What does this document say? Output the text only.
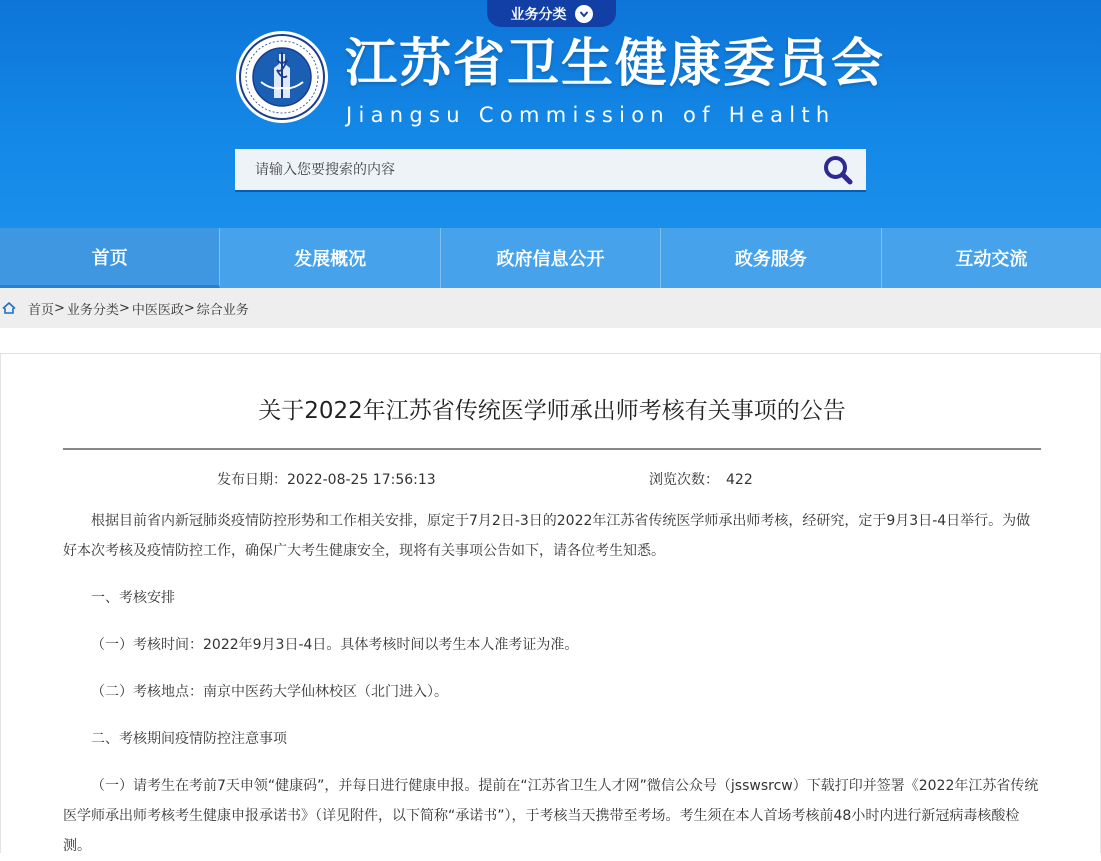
业务分类
江苏省卫生健康委员会
Jiangsu Commission of Health
请输入您要搜索的内容
首页	发展概况	政府信息公开	政务服务	互动交流
首页 > 业务分类 > 中医医政 > 综合业务
关于2022年江苏省传统医学师承出师考核有关事项的公告
发布日期：2022-08-25 17:56:13	浏览次数： 422

根据目前省内新冠肺炎疫情防控形势和工作相关安排，原定于7月2日-3日的2022年江苏省传统医学师承出师考核，经研究，定于9月3日-4日举行。为做好本次考核及疫情防控工作，确保广大考生健康安全，现将有关事项公告如下，请各位考生知悉。

一、考核安排

（一）考核时间：2022年9月3日-4日。具体考核时间以考生本人准考证为准。

（二）考核地点：南京中医药大学仙林校区（北门进入）。

二、考核期间疫情防控注意事项

（一）请考生在考前7天申领“健康码”，并每日进行健康申报。提前在“江苏省卫生人才网”微信公众号（jsswsrcw）下载打印并签署《2022年江苏省传统医学师承出师考核考生健康申报承诺书》（详见附件，以下简称“承诺书”），于考核当天携带至考场。考生须在本人首场考核前48小时内进行新冠病毒核酸检测。
